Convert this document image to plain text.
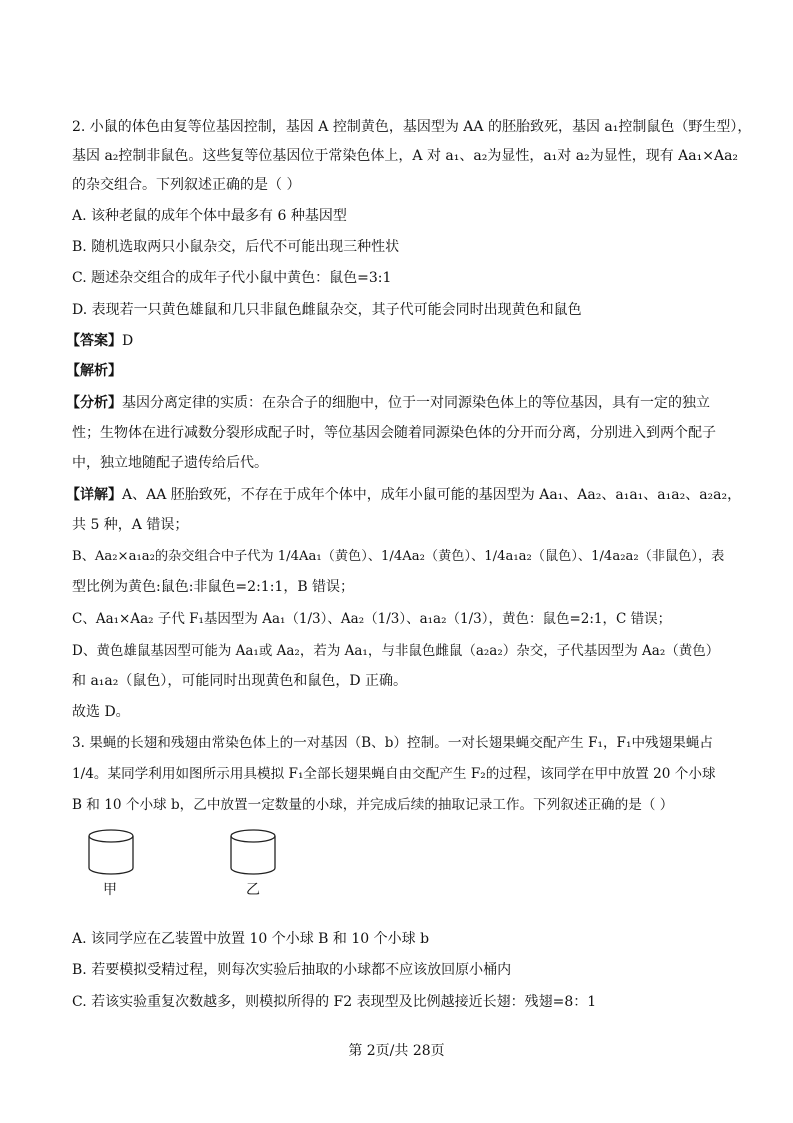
2. 小鼠的体色由复等位基因控制，基因 A 控制黄色，基因型为 AA 的胚胎致死，基因 a₁控制鼠色（野生型），
基因 a₂控制非鼠色。这些复等位基因位于常染色体上，A 对 a₁、a₂为显性，a₁对 a₂为显性，现有 Aa₁×Aa₂
的杂交组合。下列叙述正确的是（ ）
A. 该种老鼠的成年个体中最多有 6 种基因型
B. 随机选取两只小鼠杂交，后代不可能出现三种性状
C. 题述杂交组合的成年子代小鼠中黄色：鼠色=3:1
D. 表现若一只黄色雄鼠和几只非鼠色雌鼠杂交，其子代可能会同时出现黄色和鼠色
【答案】D
【解析】
【分析】基因分离定律的实质：在杂合子的细胞中，位于一对同源染色体上的等位基因，具有一定的独立
性；生物体在进行减数分裂形成配子时，等位基因会随着同源染色体的分开而分离，分别进入到两个配子
中，独立地随配子遗传给后代。
【详解】A、AA 胚胎致死，不存在于成年个体中，成年小鼠可能的基因型为 Aa₁、Aa₂、a₁a₁、a₁a₂、a₂a₂，
共 5 种，A 错误；
B、Aa₂×a₁a₂的杂交组合中子代为 1/4Aa₁（黄色）、1/4Aa₂（黄色）、1/4a₁a₂（鼠色）、1/4a₂a₂（非鼠色），表
型比例为黄色:鼠色:非鼠色=2:1:1，B 错误；
C、Aa₁×Aa₂ 子代 F₁基因型为 Aa₁（1/3）、Aa₂（1/3）、a₁a₂（1/3），黄色：鼠色=2:1，C 错误；
D、黄色雄鼠基因型可能为 Aa₁或 Aa₂，若为 Aa₁，与非鼠色雌鼠（a₂a₂）杂交，子代基因型为 Aa₂（黄色）
和 a₁a₂（鼠色），可能同时出现黄色和鼠色，D 正确。
故选 D。
3. 果蝇的长翅和残翅由常染色体上的一对基因（B、b）控制。一对长翅果蝇交配产生 F₁，F₁中残翅果蝇占
1/4。某同学利用如图所示用具模拟 F₁全部长翅果蝇自由交配产生 F₂的过程，该同学在甲中放置 20 个小球
B 和 10 个小球 b，乙中放置一定数量的小球，并完成后续的抽取记录工作。下列叙述正确的是（ ）
甲	乙
A. 该同学应在乙装置中放置 10 个小球 B 和 10 个小球 b
B. 若要模拟受精过程，则每次实验后抽取的小球都不应该放回原小桶内
C. 若该实验重复次数越多，则模拟所得的 F2 表现型及比例越接近长翅：残翅=8：1
第 2页/共 28页
